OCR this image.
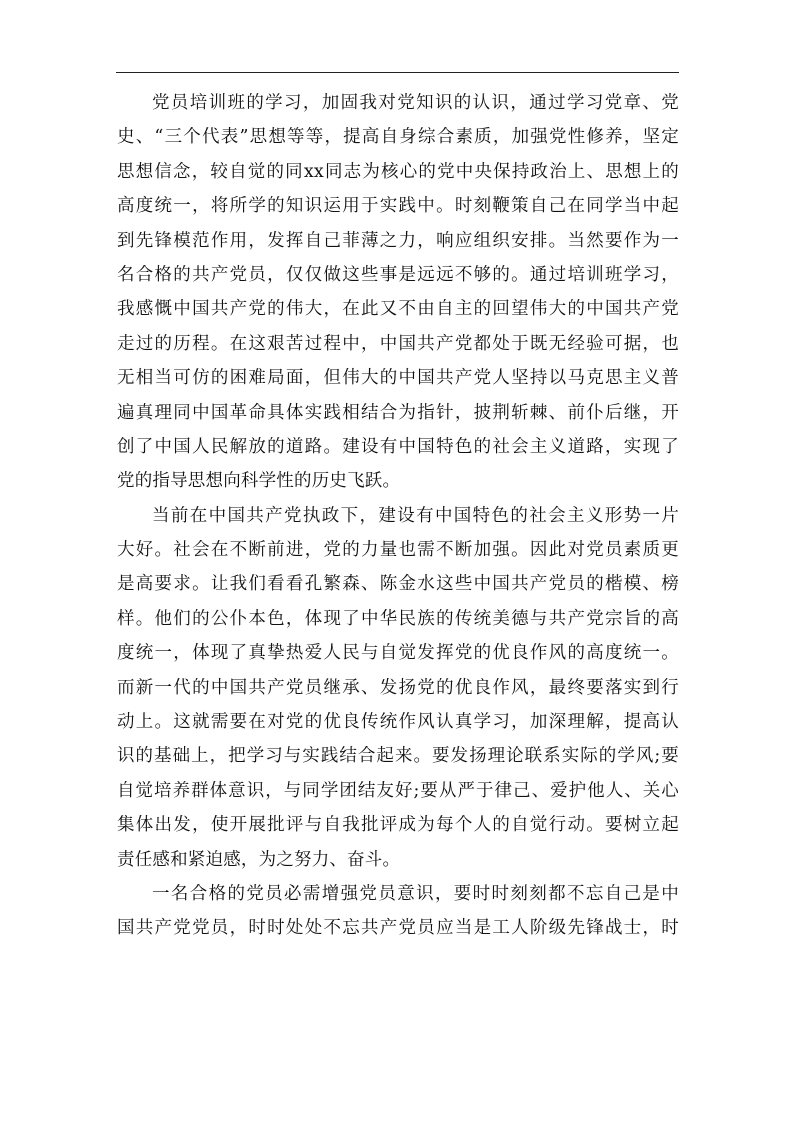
党员培训班的学习，加固我对党知识的认识，通过学习党章、党
史、“三个代表”思想等等，提高自身综合素质，加强党性修养，坚定
思想信念，较自觉的同xx同志为核心的党中央保持政治上、思想上的
高度统一，将所学的知识运用于实践中。时刻鞭策自己在同学当中起
到先锋模范作用，发挥自己菲薄之力，响应组织安排。当然要作为一
名合格的共产党员，仅仅做这些事是远远不够的。通过培训班学习，
我感慨中国共产党的伟大，在此又不由自主的回望伟大的中国共产党
走过的历程。在这艰苦过程中，中国共产党都处于既无经验可据，也
无相当可仿的困难局面，但伟大的中国共产党人坚持以马克思主义普
遍真理同中国革命具体实践相结合为指针，披荆斩棘、前仆后继，开
创了中国人民解放的道路。建设有中国特色的社会主义道路，实现了
党的指导思想向科学性的历史飞跃。
当前在中国共产党执政下，建设有中国特色的社会主义形势一片
大好。社会在不断前进，党的力量也需不断加强。因此对党员素质更
是高要求。让我们看看孔繁森、陈金水这些中国共产党员的楷模、榜
样。他们的公仆本色，体现了中华民族的传统美德与共产党宗旨的高
度统一，体现了真挚热爱人民与自觉发挥党的优良作风的高度统一。
而新一代的中国共产党员继承、发扬党的优良作风，最终要落实到行
动上。这就需要在对党的优良传统作风认真学习，加深理解，提高认
识的基础上，把学习与实践结合起来。要发扬理论联系实际的学风;要
自觉培养群体意识，与同学团结友好;要从严于律己、爱护他人、关心
集体出发，使开展批评与自我批评成为每个人的自觉行动。要树立起
责任感和紧迫感，为之努力、奋斗。
一名合格的党员必需增强党员意识，要时时刻刻都不忘自己是中
国共产党党员，时时处处不忘共产党员应当是工人阶级先锋战士，时
